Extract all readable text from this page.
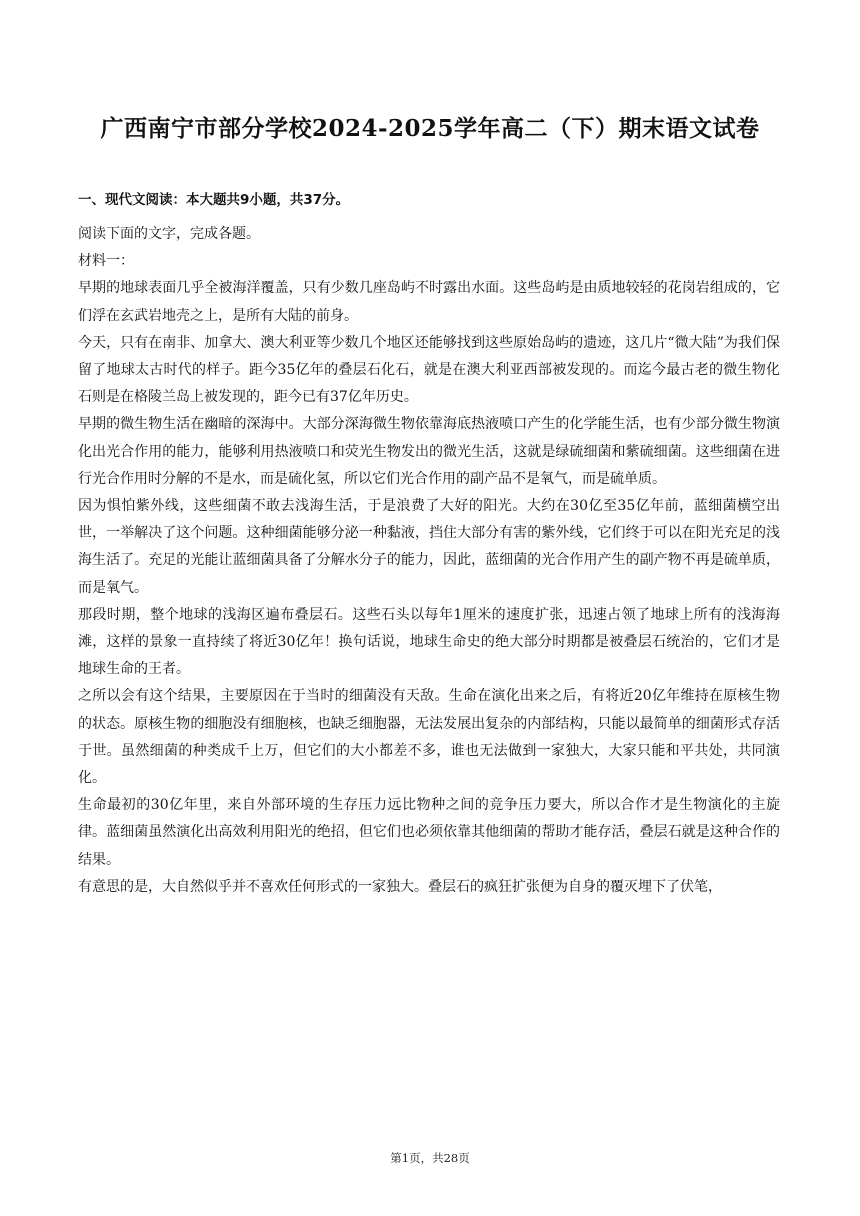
广西南宁市部分学校2024-2025学年高二（下）期末语文试卷
一、现代文阅读：本大题共9小题，共37分。

阅读下面的文字，完成各题。

材料一：

早期的地球表面几乎全被海洋覆盖，只有少数几座岛屿不时露出水面。这些岛屿是由质地较轻的花岗岩组成的，它们浮在玄武岩地壳之上，是所有大陆的前身。

今天，只有在南非、加拿大、澳大利亚等少数几个地区还能够找到这些原始岛屿的遗迹，这几片“微大陆”为我们保留了地球太古时代的样子。距今35亿年的叠层石化石，就是在澳大利亚西部被发现的。而迄今最古老的微生物化石则是在格陵兰岛上被发现的，距今已有37亿年历史。

早期的微生物生活在幽暗的深海中。大部分深海微生物依靠海底热液喷口产生的化学能生活，也有少部分微生物演化出光合作用的能力，能够利用热液喷口和荧光生物发出的微光生活，这就是绿硫细菌和紫硫细菌。这些细菌在进行光合作用时分解的不是水，而是硫化氢，所以它们光合作用的副产品不是氧气，而是硫单质。

因为惧怕紫外线，这些细菌不敢去浅海生活，于是浪费了大好的阳光。大约在30亿至35亿年前，蓝细菌横空出世，一举解决了这个问题。这种细菌能够分泌一种黏液，挡住大部分有害的紫外线，它们终于可以在阳光充足的浅海生活了。充足的光能让蓝细菌具备了分解水分子的能力，因此，蓝细菌的光合作用产生的副产物不再是硫单质，而是氧气。

那段时期，整个地球的浅海区遍布叠层石。这些石头以每年1厘米的速度扩张，迅速占领了地球上所有的浅海海滩，这样的景象一直持续了将近30亿年！换句话说，地球生命史的绝大部分时期都是被叠层石统治的，它们才是地球生命的王者。

之所以会有这个结果，主要原因在于当时的细菌没有天敌。生命在演化出来之后，有将近20亿年维持在原核生物的状态。原核生物的细胞没有细胞核，也缺乏细胞器，无法发展出复杂的内部结构，只能以最简单的细菌形式存活于世。虽然细菌的种类成千上万，但它们的大小都差不多，谁也无法做到一家独大，大家只能和平共处，共同演化。

生命最初的30亿年里，来自外部环境的生存压力远比物种之间的竞争压力要大，所以合作才是生物演化的主旋律。蓝细菌虽然演化出高效利用阳光的绝招，但它们也必须依靠其他细菌的帮助才能存活，叠层石就是这种合作的结果。

有意思的是，大自然似乎并不喜欢任何形式的一家独大。叠层石的疯狂扩张便为自身的覆灭埋下了伏笔，

第1页，共28页
